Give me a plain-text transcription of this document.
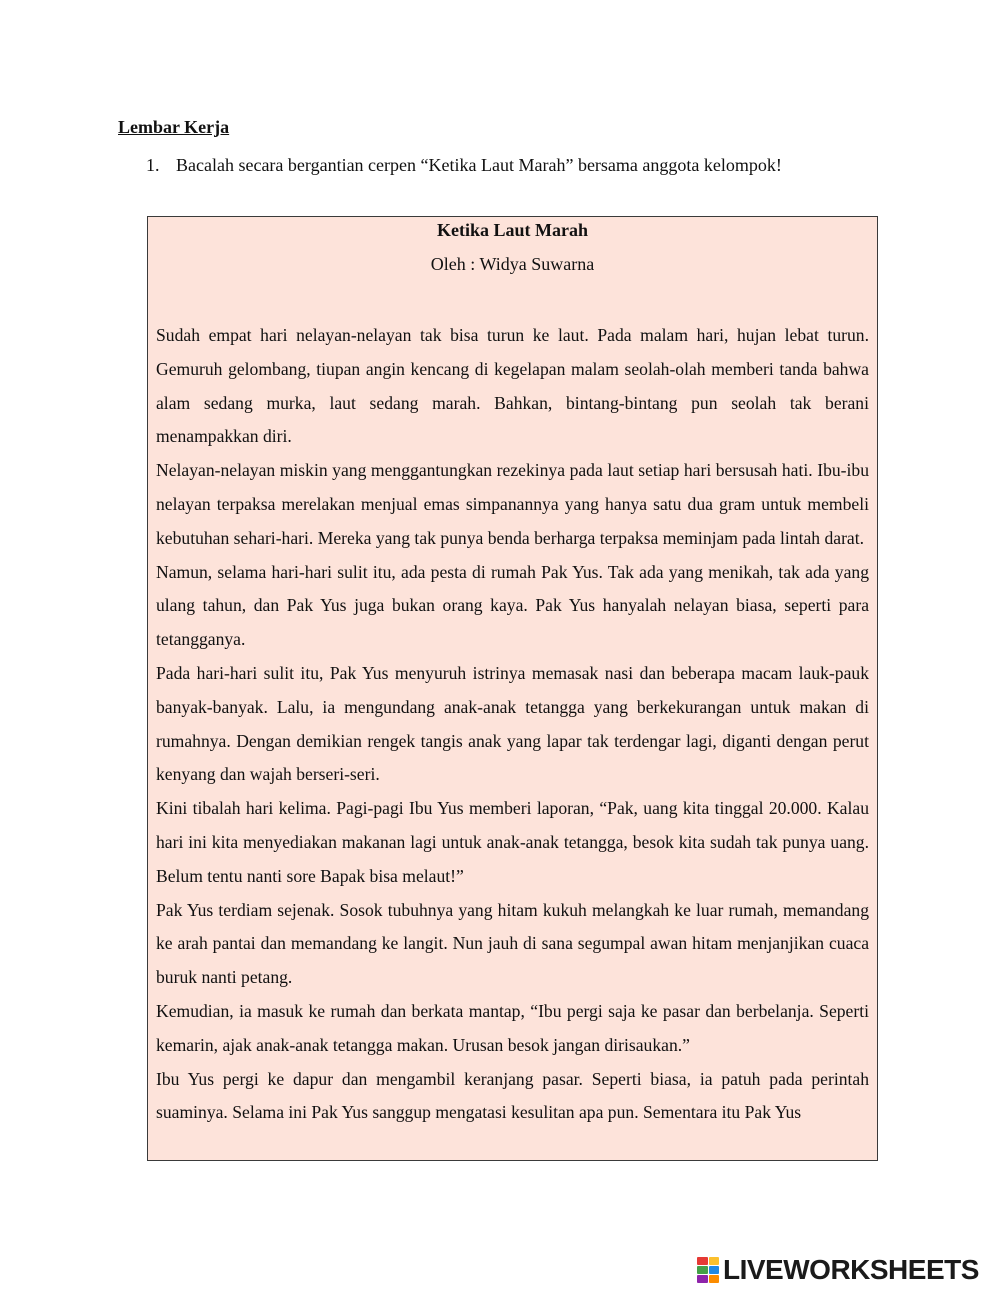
Lembar Kerja
1. Bacalah secara bergantian cerpen “Ketika Laut Marah” bersama anggota kelompok!
Ketika Laut Marah
Oleh : Widya Suwarna

Sudah empat hari nelayan-nelayan tak bisa turun ke laut. Pada malam hari, hujan lebat turun. Gemuruh gelombang, tiupan angin kencang di kegelapan malam seolah-olah memberi tanda bahwa alam sedang murka, laut sedang marah. Bahkan, bintang-bintang pun seolah tak berani menampakkan diri.

Nelayan-nelayan miskin yang menggantungkan rezekinya pada laut setiap hari bersusah hati. Ibu-ibu nelayan terpaksa merelakan menjual emas simpanannya yang hanya satu dua gram untuk membeli kebutuhan sehari-hari. Mereka yang tak punya benda berharga terpaksa meminjam pada lintah darat.

Namun, selama hari-hari sulit itu, ada pesta di rumah Pak Yus. Tak ada yang menikah, tak ada yang ulang tahun, dan Pak Yus juga bukan orang kaya. Pak Yus hanyalah nelayan biasa, seperti para tetangganya.

Pada hari-hari sulit itu, Pak Yus menyuruh istrinya memasak nasi dan beberapa macam lauk-pauk banyak-banyak. Lalu, ia mengundang anak-anak tetangga yang berkekurangan untuk makan di rumahnya. Dengan demikian rengek tangis anak yang lapar tak terdengar lagi, diganti dengan perut kenyang dan wajah berseri-seri.

Kini tibalah hari kelima. Pagi-pagi Ibu Yus memberi laporan, “Pak, uang kita tinggal 20.000. Kalau hari ini kita menyediakan makanan lagi untuk anak-anak tetangga, besok kita sudah tak punya uang. Belum tentu nanti sore Bapak bisa melaut!”

Pak Yus terdiam sejenak. Sosok tubuhnya yang hitam kukuh melangkah ke luar rumah, memandang ke arah pantai dan memandang ke langit. Nun jauh di sana segumpal awan hitam menjanjikan cuaca buruk nanti petang.

Kemudian, ia masuk ke rumah dan berkata mantap, “Ibu pergi saja ke pasar dan berbelanja. Seperti kemarin, ajak anak-anak tetangga makan. Urusan besok jangan dirisaukan.”

Ibu Yus pergi ke dapur dan mengambil keranjang pasar. Seperti biasa, ia patuh pada perintah suaminya. Selama ini Pak Yus sanggup mengatasi kesulitan apa pun. Sementara itu Pak Yus

LIVEWORKSHEETS
